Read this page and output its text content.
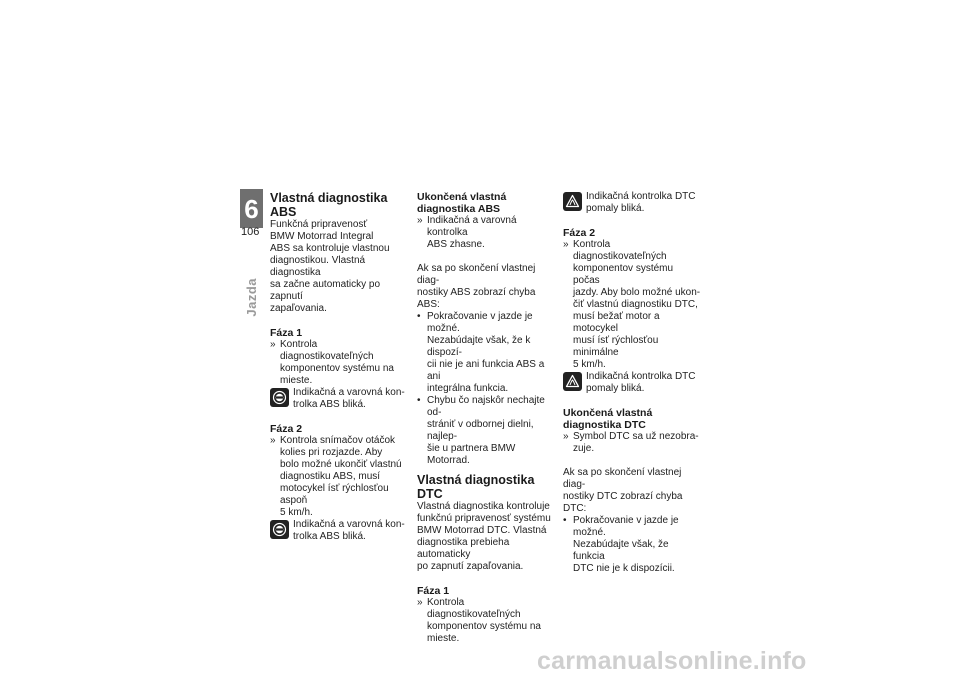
6
106
Jazda
Vlastná diagnostika ABS
Funkčná pripravenosť
BMW Motorrad Integral
ABS sa kontroluje vlastnou
diagnostikou. Vlastná diagnostika
sa začne automaticky po zapnutí
zapaľovania.
Fáza 1
» Kontrola diagnostikovateľných
komponentov systému na
mieste.
Indikačná a varovná kon-
trolka ABS bliká.
Fáza 2
» Kontrola snímačov otáčok
kolies pri rozjazde. Aby
bolo možné ukončiť vlastnú
diagnostiku ABS, musí
motocykel ísť rýchlosťou aspoň
5 km/h.
Indikačná a varovná kon-
trolka ABS bliká.
Ukončená vlastná
diagnostika ABS
» Indikačná a varovná kontrolka
ABS zhasne.
Ak sa po skončení vlastnej diag-
nostiky ABS zobrazí chyba ABS:
• Pokračovanie v jazde je možné.
Nezabúdajte však, že k dispozí-
cii nie je ani funkcia ABS a ani
integrálna funkcia.
• Chybu čo najskôr nechajte od-
strániť v odbornej dielni, najlep-
šie u partnera BMW Motorrad.
Vlastná diagnostika DTC
Vlastná diagnostika kontroluje
funkčnú pripravenosť systému
BMW Motorrad DTC. Vlastná
diagnostika prebieha automaticky
po zapnutí zapaľovania.
Fáza 1
» Kontrola diagnostikovateľných
komponentov systému na
mieste.
Indikačná kontrolka DTC
pomaly bliká.
Fáza 2
» Kontrola diagnostikovateľných
komponentov systému počas
jazdy. Aby bolo možné ukon-
čiť vlastnú diagnostiku DTC,
musí bežať motor a motocykel
musí ísť rýchlosťou minimálne
5 km/h.
Indikačná kontrolka DTC
pomaly bliká.
Ukončená vlastná
diagnostika DTC
» Symbol DTC sa už nezobra-
zuje.
Ak sa po skončení vlastnej diag-
nostiky DTC zobrazí chyba DTC:
• Pokračovanie v jazde je možné.
Nezabúdajte však, že funkcia
DTC nie je k dispozícii.
carmanualsonline.info
